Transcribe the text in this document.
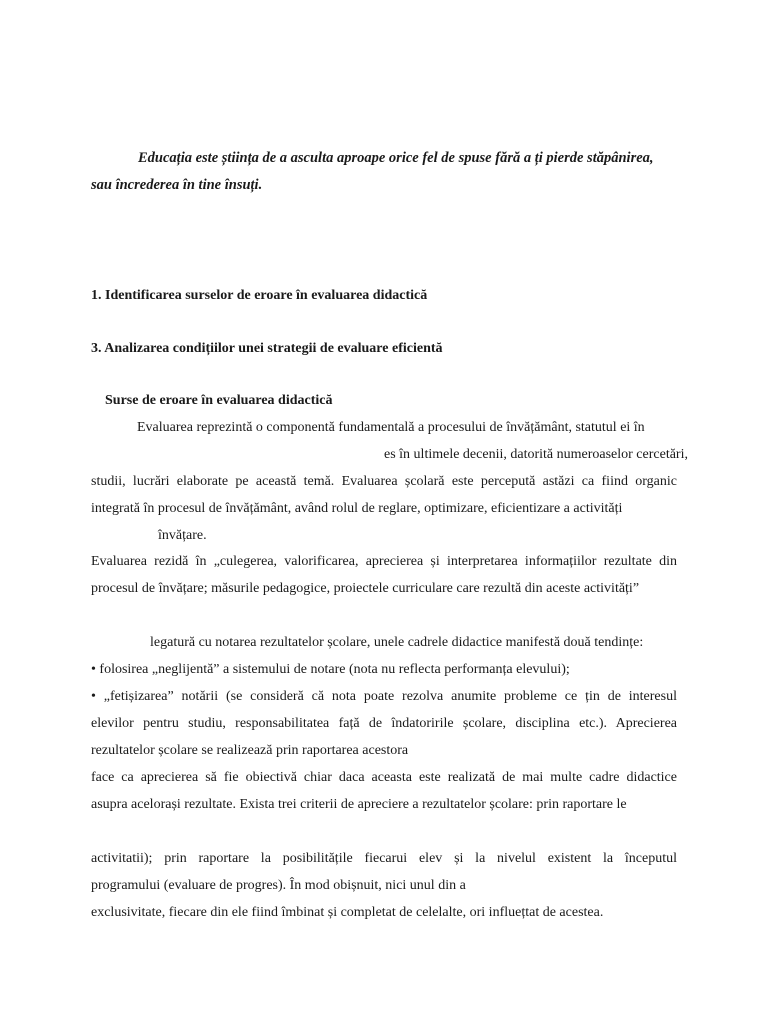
Educația este știința de a asculta aproape orice fel de spuse fără a ți pierde stăpânirea,
sau încrederea în tine însuți.
1. Identificarea surselor de eroare în evaluarea didactică
3. Analizarea condițiilor unei strategii de evaluare eficientă
Surse de eroare în evaluarea didactică
Evaluarea reprezintă o componentă fundamentală a procesului de învățământ, statutul ei în
es în ultimele decenii, datorită numeroaselor cercetări,
studii, lucrări elaborate pe această temă. Evaluarea școlară este percepută astăzi ca fiind organic
integrată în procesul de învățământ, având rolul de reglare, optimizare, eficientizare a activități
învățare.
Evaluarea rezidă în „culegerea, valorificarea, aprecierea și interpretarea informațiilor rezultate din
procesul de învățare; măsurile pedagogice, proiectele curriculare care rezultă din aceste activități”
legatură cu notarea rezultatelor școlare, unele cadrele didactice manifestă două tendințe:
• folosirea „neglijentă” a sistemului de notare (nota nu reflecta performanța elevului);
• „fetișizarea” notării (se consideră că nota poate rezolva anumite probleme ce țin de interesul
elevilor pentru studiu, responsabilitatea față de îndatoririle școlare, disciplina etc.). Aprecierea
rezultatelor școlare se realizează prin raportarea acestora
face ca aprecierea să fie obiectivă chiar daca aceasta este realizată de mai multe cadre didactice
asupra acelorași rezultate. Exista trei criterii de apreciere a rezultatelor școlare: prin raportare le
activitatii); prin raportare la posibilitățile fiecarui elev și la nivelul existent la începutul
programului (evaluare de progres). În mod obișnuit, nici unul din a
exclusivitate, fiecare din ele fiind îmbinat și completat de celelalte, ori influețtat de acestea.
